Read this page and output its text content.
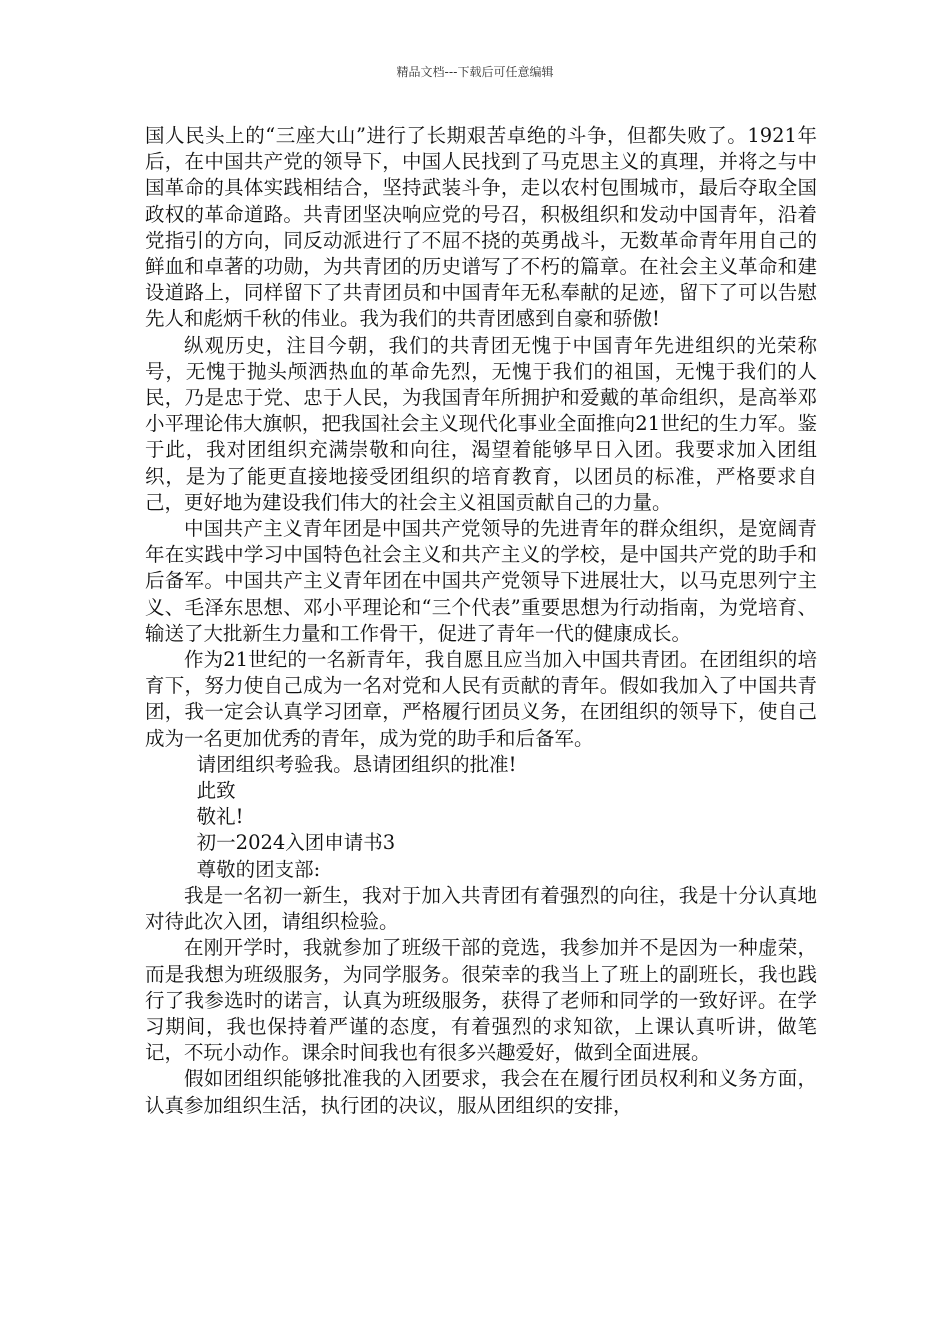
精品文档---下载后可任意编辑

国人民头上的“三座大山”进行了长期艰苦卓绝的斗争，但都失败了。1921年后，在中国共产党的领导下，中国人民找到了马克思主义的真理，并将之与中国革命的具体实践相结合，坚持武装斗争，走以农村包围城市，最后夺取全国政权的革命道路。共青团坚决响应党的号召，积极组织和发动中国青年，沿着党指引的方向，同反动派进行了不屈不挠的英勇战斗，无数革命青年用自己的鲜血和卓著的功勋，为共青团的历史谱写了不朽的篇章。在社会主义革命和建设道路上，同样留下了共青团员和中国青年无私奉献的足迹，留下了可以告慰先人和彪炳千秋的伟业。我为我们的共青团感到自豪和骄傲!

纵观历史，注目今朝，我们的共青团无愧于中国青年先进组织的光荣称号，无愧于抛头颅洒热血的革命先烈，无愧于我们的祖国，无愧于我们的人民，乃是忠于党、忠于人民，为我国青年所拥护和爱戴的革命组织，是高举邓小平理论伟大旗帜，把我国社会主义现代化事业全面推向21世纪的生力军。鉴于此，我对团组织充满崇敬和向往，渴望着能够早日入团。我要求加入团组织，是为了能更直接地接受团组织的培育教育，以团员的标准，严格要求自己，更好地为建设我们伟大的社会主义祖国贡献自己的力量。

中国共产主义青年团是中国共产党领导的先进青年的群众组织，是宽阔青年在实践中学习中国特色社会主义和共产主义的学校，是中国共产党的助手和后备军。中国共产主义青年团在中国共产党领导下进展壮大，以马克思列宁主义、毛泽东思想、邓小平理论和“三个代表”重要思想为行动指南，为党培育、输送了大批新生力量和工作骨干，促进了青年一代的健康成长。

作为21世纪的一名新青年，我自愿且应当加入中国共青团。在团组织的培育下，努力使自己成为一名对党和人民有贡献的青年。假如我加入了中国共青团，我一定会认真学习团章，严格履行团员义务，在团组织的领导下，使自己成为一名更加优秀的青年，成为党的助手和后备军。

请团组织考验我。恳请团组织的批准!

此致

敬礼!

初一2024入团申请书3

尊敬的团支部:

我是一名初一新生，我对于加入共青团有着强烈的向往，我是十分认真地对待此次入团，请组织检验。

在刚开学时，我就参加了班级干部的竞选，我参加并不是因为一种虚荣，而是我想为班级服务，为同学服务。很荣幸的我当上了班上的副班长，我也践行了我参选时的诺言，认真为班级服务，获得了老师和同学的一致好评。在学习期间，我也保持着严谨的态度，有着强烈的求知欲，上课认真听讲，做笔记，不玩小动作。课余时间我也有很多兴趣爱好，做到全面进展。

假如团组织能够批准我的入团要求，我会在在履行团员权利和义务方面，认真参加组织生活，执行团的决议，服从团组织的安排，
